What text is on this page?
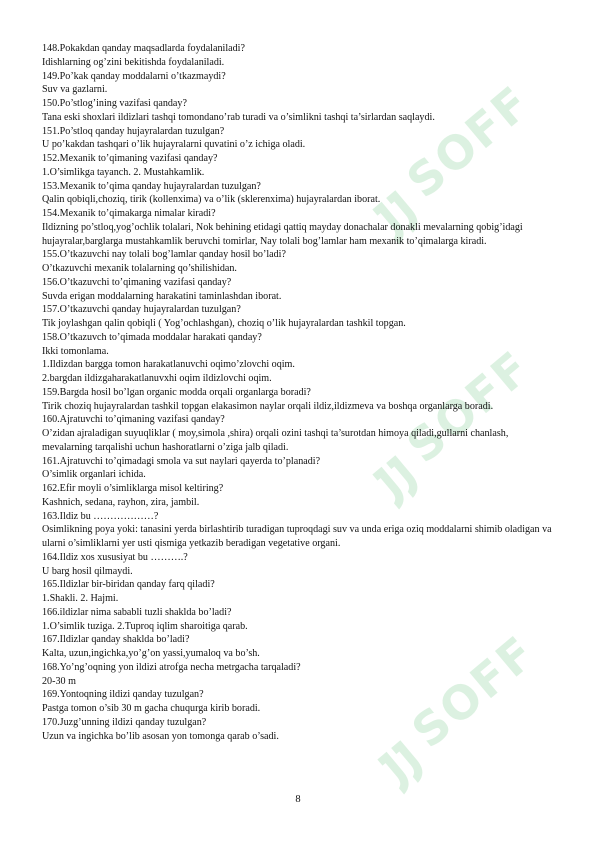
SOFF
SOFF
SOFF

148.Pokakdan qanday maqsadlarda foydalaniladi?

Idishlarning og’zini bekitishda foydalaniladi.

149.Po’kak qanday moddalarni o’tkazmaydi?

Suv va gazlarni.

150.Po’stlog’ining vazifasi qanday?

Tana eski shoxlari ildizlari tashqi tomondano’rab turadi va o’simlikni tashqi ta’sirlardan saqlaydi.

151.Po’stloq qanday hujayralardan tuzulgan?

U po’kakdan tashqari o’lik hujayralarni quvatini o’z ichiga oladi.

152.Mexanik to’qimaning vazifasi qanday?

1.O’simlikga tayanch. 2. Mustahkamlik.

153.Mexanik to’qima qanday hujayralardan tuzulgan?

Qalin qobiqli,choziq, tirik (kollenxima) va o’lik (sklerenxima) hujayralardan iborat.

154.Mexanik to’qimakarga nimalar kiradi?

Ildizning po’stloq,yog’ochlik tolalari, Nok behining etidagi qattiq mayday donachalar donakli mevalarning qobig’idagi hujayralar,barglarga mustahkamlik beruvchi tomirlar, Nay tolali bog’lamlar ham mexanik to’qimalarga kiradi.

155.O’tkazuvchi nay tolali bog’lamlar qanday hosil bo’ladi?

O’tkazuvchi mexanik tolalarning qo’shilishidan.

156.O’tkazuvchi to’qimaning vazifasi qanday?

Suvda erigan moddalarning harakatini taminlashdan iborat.

157.O’tkazuvchi qanday hujayralardan tuzulgan?

Tik joylashgan qalin qobiqli ( Yog’ochlashgan), choziq o’lik hujayralardan tashkil topgan.

158.O’tkazuvch to’qimada moddalar harakati qanday?

Ikki tomonlama.

1.Ildizdan bargga tomon harakatlanuvchi oqimo’zlovchi oqim.

2.bargdan ildizgaharakatlanuvxhi oqim ildizlovchi oqim.

159.Bargda hosil bo’lgan organic modda orqali organlarga boradi?

Tirik choziq hujayralardan tashkil topgan elakasimon naylar orqali ildiz,ildizmeva va boshqa organlarga boradi.

160.Ajratuvchi to’qimaning vazifasi qanday?

O’zidan ajraladigan suyuqliklar ( moy,simola ,shira) orqali ozini tashqi ta’surotdan himoya qiladi,gullarni chanlash, mevalarning tarqalishi uchun hashoratlarni o’ziga jalb qiladi.

161.Ajratuvchi to’qimadagi smola va sut naylari qayerda to’planadi?

O’simlik organlari ichida.

162.Efir moyli o’simliklarga misol keltiring?

Kashnich, sedana, rayhon, zira, jambil.

163.Ildiz bu ………………?

Osimlikning poya yoki: tanasini yerda birlashtirib turadigan tuproqdagi suv va unda eriga oziq moddalarni shimib oladigan va ularni o’simliklarni yer usti qismiga yetkazib beradigan vegetative organi.

164.Ildiz xos xususiyat bu ……….?

U barg hosil qilmaydi.

165.Ildizlar bir-biridan qanday farq qiladi?

1.Shakli. 2. Hajmi.

166.ildizlar nima sababli tuzli shaklda bo’ladi?

1.O’simlik tuziga. 2.Tuproq iqlim sharoitiga qarab.

167.Ildizlar qanday shaklda bo’ladi?

Kalta, uzun,ingichka,yo’g’on yassi,yumaloq va bo’sh.

168.Yo’ng’oqning yon ildizi atrofga necha metrgacha tarqaladi?

20-30 m

169.Yontoqning ildizi qanday tuzulgan?

Pastga tomon o’sib 30 m gacha chuqurga kirib boradi.

170.Juzg’unning ildizi qanday tuzulgan?

Uzun va ingichka bo’lib asosan yon tomonga qarab o’sadi.

8
